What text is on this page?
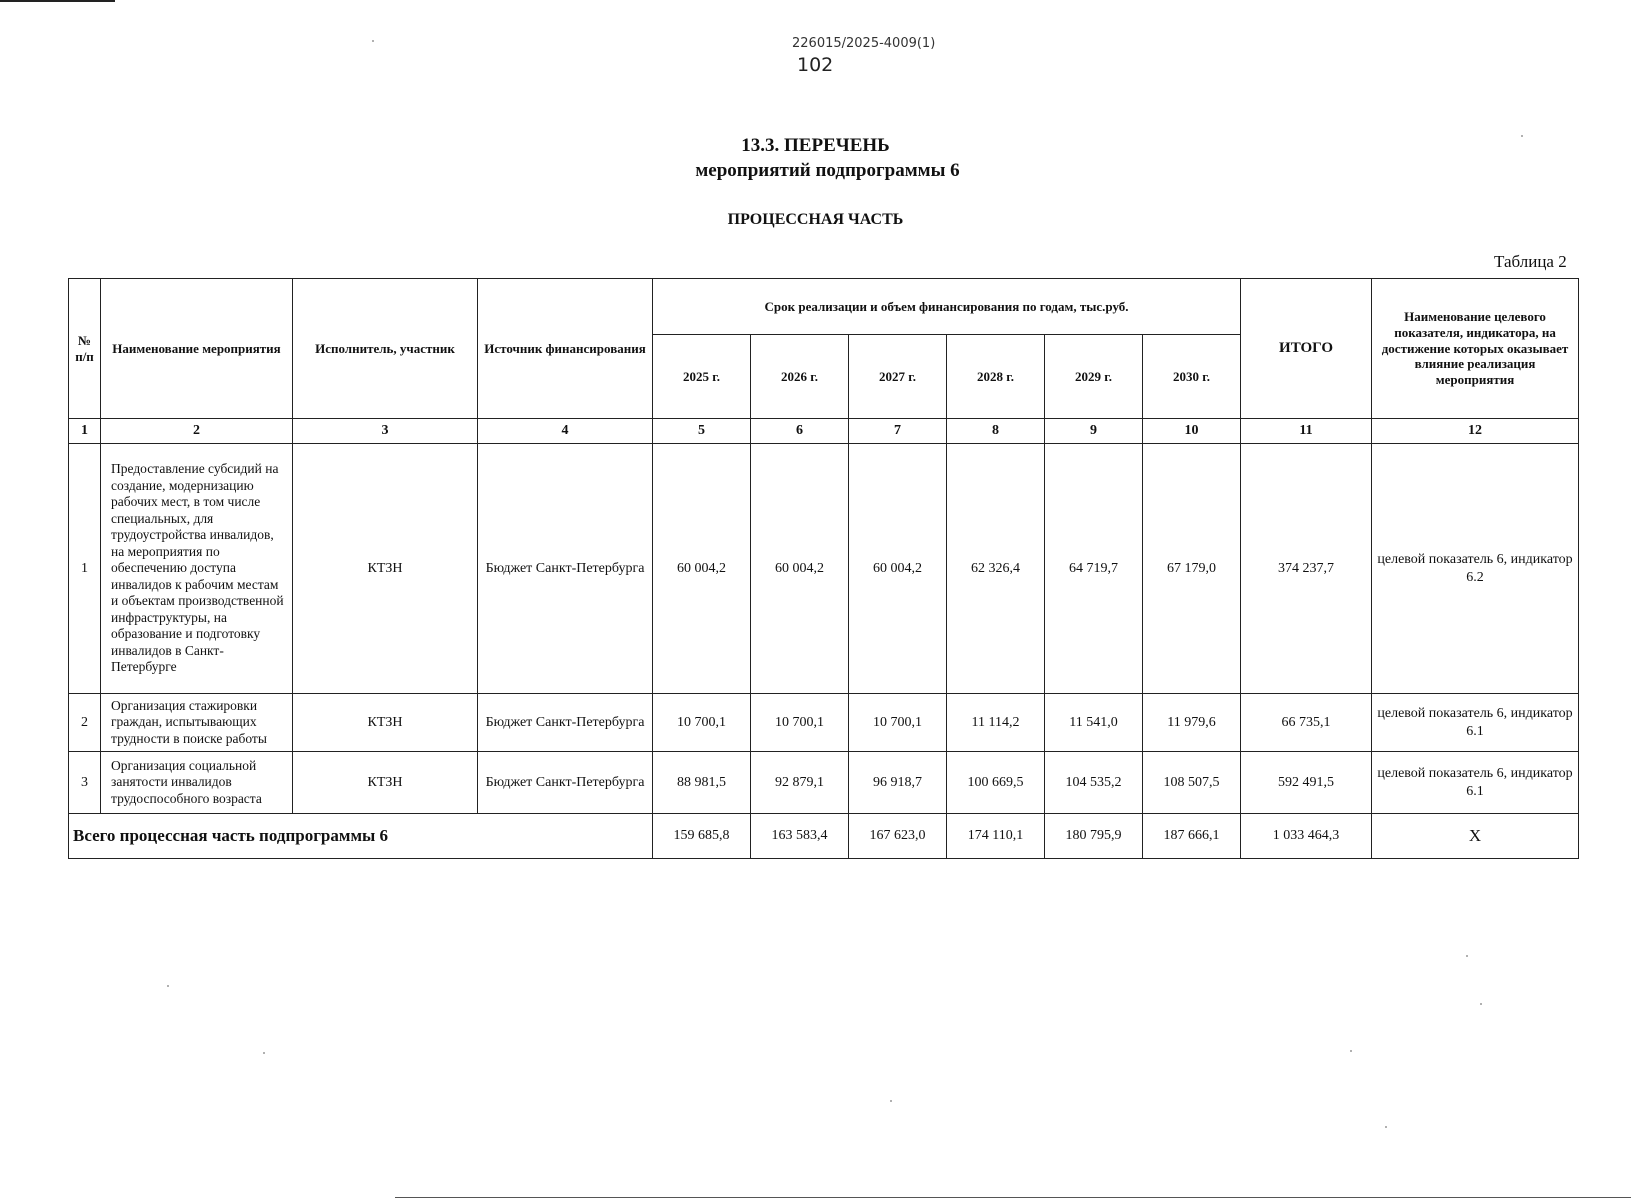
226015/2025-4009(1)
102
13.3. ПЕРЕЧЕНЬ
мероприятий подпрограммы 6
ПРОЦЕССНАЯ ЧАСТЬ
Таблица 2
№ п/п	Наименование мероприятия	Исполнитель, участник	Источник финансирования	Срок реализации и объем финансирования по годам, тыс.руб.						ИТОГО	Наименование целевого показателя, индикатора, на достижение которых оказывает влияние реализация мероприятия
				2025 г.	2026 г.	2027 г.	2028 г.	2029 г.	2030 г.		
1	2	3	4	5	6	7	8	9	10	11	12
1	Предоставление субсидий на создание, модернизацию рабочих мест, в том числе специальных, для трудоустройства инвалидов, на мероприятия по обеспечению доступа инвалидов к рабочим местам и объектам производственной инфраструктуры, на образование и подготовку инвалидов в Санкт-Петербурге	КТЗН	Бюджет Санкт-Петербурга	60 004,2	60 004,2	60 004,2	62 326,4	64 719,7	67 179,0	374 237,7	целевой показатель 6, индикатор 6.2
2	Организация стажировки граждан, испытывающих трудности в поиске работы	КТЗН	Бюджет Санкт-Петербурга	10 700,1	10 700,1	10 700,1	11 114,2	11 541,0	11 979,6	66 735,1	целевой показатель 6, индикатор 6.1
3	Организация социальной занятости инвалидов трудоспособного возраста	КТЗН	Бюджет Санкт-Петербурга	88 981,5	92 879,1	96 918,7	100 669,5	104 535,2	108 507,5	592 491,5	целевой показатель 6, индикатор 6.1
Всего процессная часть подпрограммы 6				159 685,8	163 583,4	167 623,0	174 110,1	180 795,9	187 666,1	1 033 464,3	X
